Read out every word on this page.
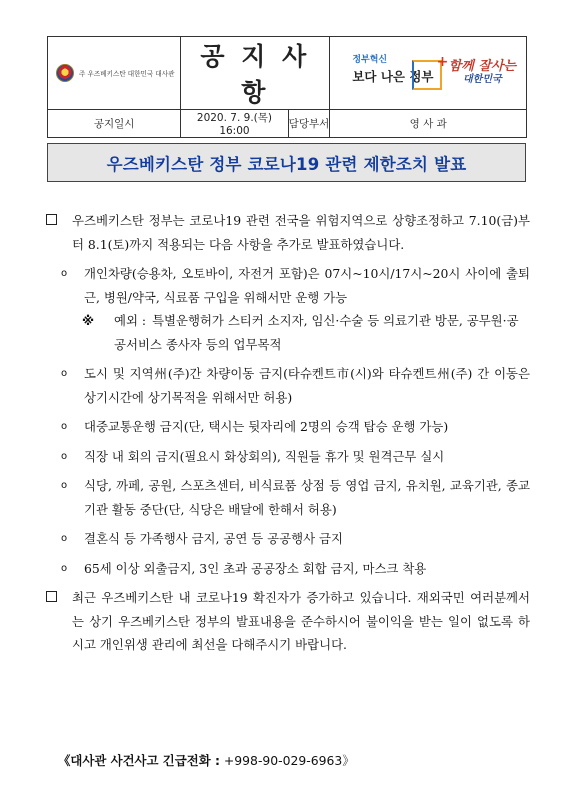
주 우즈베키스탄 대한민국 대사관	공 지 사 항		정부혁신
보다 나은 정부
+ 함께 잘사는
대한민국

공지일시	2020. 7. 9.(목) 16:00	담당부서	영 사 과
우즈베키스탄 정부 코로나19 관련 제한조치 발표
우즈베키스탄 정부는 코로나19 관련 전국을 위험지역으로 상향조정하고 7.10(금)부터 8.1(토)까지 적용되는 다음 사항을 추가로 발표하였습니다.
o 개인차량(승용차, 오토바이, 자전거 포함)은 07시~10시/17시~20시 사이에 출퇴근, 병원/약국, 식료품 구입을 위해서만 운행 가능
※ 예외 : 특별운행허가 스티커 소지자, 임신·수술 등 의료기관 방문, 공무원·공공서비스 종사자 등의 업무목적
o 도시 및 지역州(주)간 차량이동 금지(타슈켄트市(시)와 타슈켄트州(주) 간 이동은 상기시간에 상기목적을 위해서만 허용)
o 대중교통운행 금지(단, 택시는 뒷자리에 2명의 승객 탑승 운행 가능)
o 직장 내 회의 금지(필요시 화상회의), 직원들 휴가 및 원격근무 실시
o 식당, 까페, 공원, 스포츠센터, 비식료품 상점 등 영업 금지, 유치원, 교육기관, 종교기관 활동 중단(단, 식당은 배달에 한해서 허용)
o 결혼식 등 가족행사 금지, 공연 등 공공행사 금지
o 65세 이상 외출금지, 3인 초과 공공장소 회합 금지, 마스크 착용
최근 우즈베키스탄 내 코로나19 확진자가 증가하고 있습니다. 재외국민 여러분께서는 상기 우즈베키스탄 정부의 발표내용을 준수하시어 불이익을 받는 일이 없도록 하시고 개인위생 관리에 최선을 다해주시기 바랍니다.
《대사관 사건사고 긴급전화 : +998-90-029-6963》
